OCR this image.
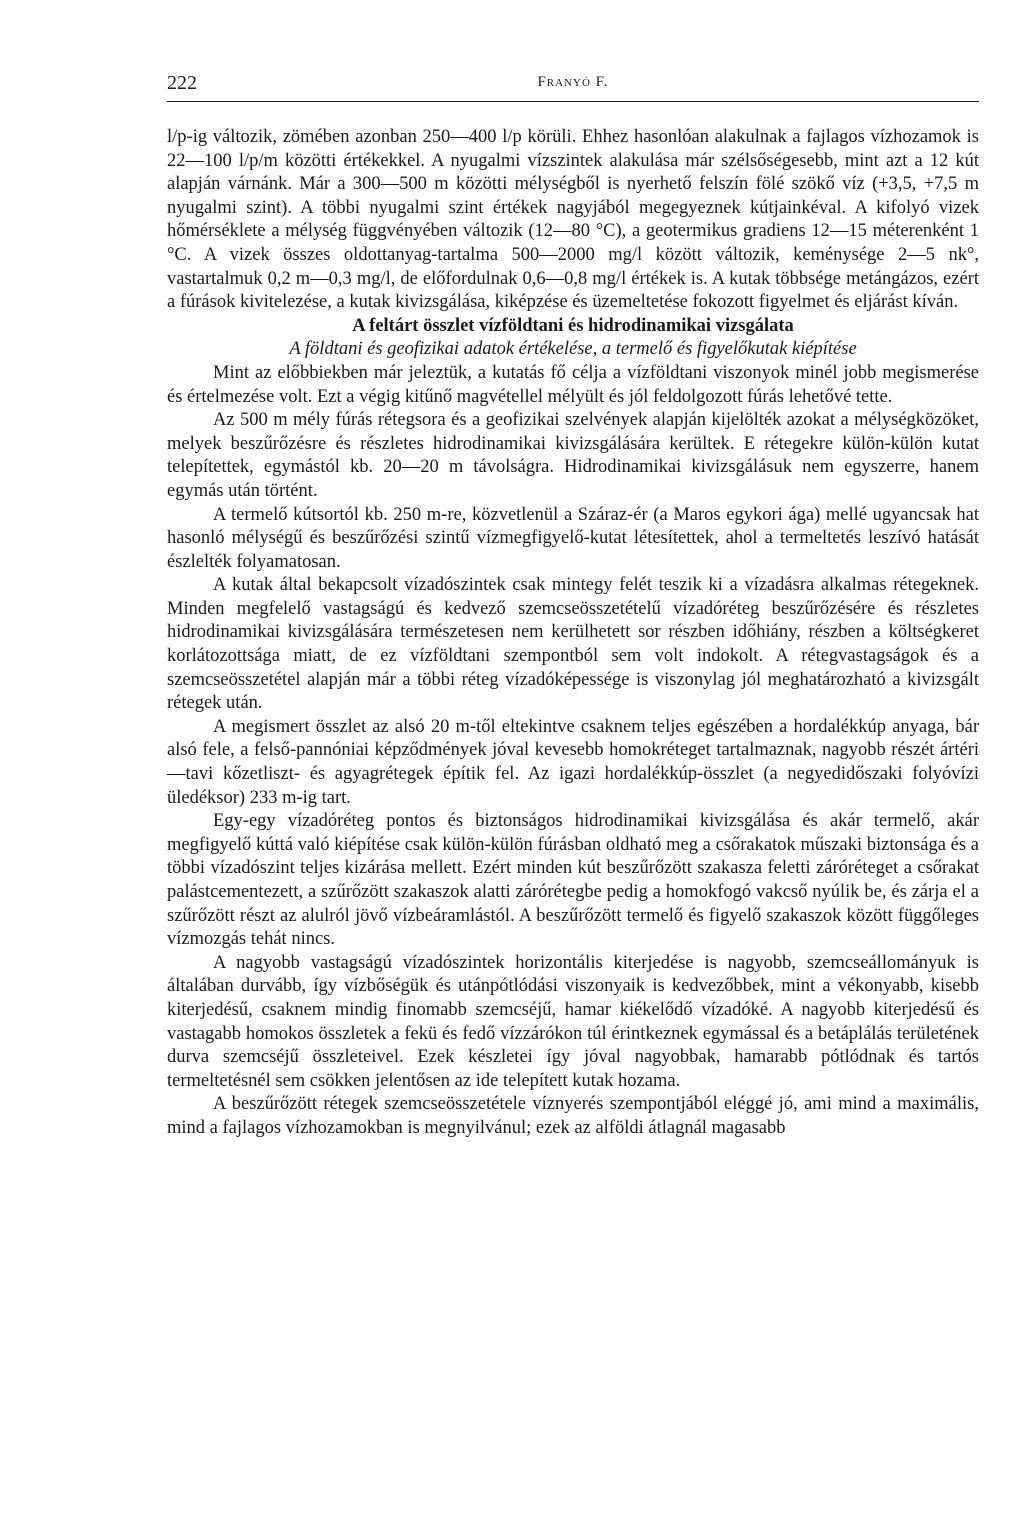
222	Franyó F.

l/p-ig változik, zömében azonban 250—400 l/p körüli. Ehhez hasonlóan alakulnak a fajlagos vízhozamok is 22—100 l/p/m közötti értékekkel. A nyugalmi vízszintek alakulása már szélsőségesebb, mint azt a 12 kút alapján várnánk. Már a 300—500 m közötti mélységből is nyerhető felszín fölé szökő víz (+3,5, +7,5 m nyugalmi szint). A többi nyugalmi szint értékek nagyjából megegyeznek kútjainkéval. A kifolyó vizek hőmérséklete a mélység függvényében változik (12—80 °C), a geotermikus gradiens 12—15 méterenként 1 °C. A vizek összes oldottanyag-tartalma 500—2000 mg/l között változik, keménysége 2—5 nk°, vastartalmuk 0,2 m—0,3 mg/l, de előfordulnak 0,6—0,8 mg/l értékek is. A kutak többsége metángázos, ezért a fúrások kivitelezése, a kutak kivizsgálása, kiképzése és üzemeltetése fokozott figyelmet és eljárást kíván.

A feltárt összlet vízföldtani és hidrodinamikai vizsgálata

A földtani és geofizikai adatok értékelése, a termelő és figyelőkutak kiépítése

Mint az előbbiekben már jeleztük, a kutatás fő célja a vízföldtani viszonyok minél jobb megismerése és értelmezése volt. Ezt a végig kitűnő magvétellel mélyült és jól feldolgozott fúrás lehetővé tette.

Az 500 m mély fúrás rétegsora és a geofizikai szelvények alapján kijelölték azokat a mélységközöket, melyek beszűrőzésre és részletes hidrodinamikai kivizsgálására kerültek. E rétegekre külön-külön kutat telepítettek, egymástól kb. 20—20 m távolságra. Hidrodinamikai kivizsgálásuk nem egyszerre, hanem egymás után történt.

A termelő kútsortól kb. 250 m-re, közvetlenül a Száraz-ér (a Maros egykori ága) mellé ugyancsak hat hasonló mélységű és beszűrőzési szintű vízmegfigyelő-kutat létesítettek, ahol a termeltetés leszívó hatását észlelték folyamatosan.

A kutak által bekapcsolt vízadószintek csak mintegy felét teszik ki a vízadásra alkalmas rétegeknek. Minden megfelelő vastagságú és kedvező szemcseösszetételű vízadóréteg beszűrőzésére és részletes hidrodinamikai kivizsgálására természetesen nem kerülhetett sor részben időhiány, részben a költségkeret korlátozottsága miatt, de ez vízföldtani szempontból sem volt indokolt. A rétegvastagságok és a szemcseösszetétel alapján már a többi réteg vízadóképessége is viszonylag jól meghatározható a kivizsgált rétegek után.

A megismert összlet az alsó 20 m-től eltekintve csaknem teljes egészében a hordalékkúp anyaga, bár alsó fele, a felső-pannóniai képződmények jóval kevesebb homokréteget tartalmaznak, nagyobb részét ártéri—tavi kőzetliszt- és agyagrétegek építik fel. Az igazi hordalékkúp-összlet (a negyedidőszaki folyóvízi üledéksor) 233 m-ig tart.

Egy-egy vízadóréteg pontos és biztonságos hidrodinamikai kivizsgálása és akár termelő, akár megfigyelő kúttá való kiépítése csak külön-külön fúrásban oldható meg a csőrakatok műszaki biztonsága és a többi vízadószint teljes kizárása mellett. Ezért minden kút beszűrőzött szakasza feletti záróréteget a csőrakat palástcementezett, a szűrőzött szakaszok alatti zárórétegbe pedig a homokfogó vakcső nyúlik be, és zárja el a szűrőzött részt az alulról jövő vízbeáramlástól. A beszűrőzött termelő és figyelő szakaszok között függőleges vízmozgás tehát nincs.

A nagyobb vastagságú vízadószintek horizontális kiterjedése is nagyobb, szemcseállományuk is általában durvább, így vízbőségük és utánpótlódási viszonyaik is kedvezőbbek, mint a vékonyabb, kisebb kiterjedésű, csaknem mindig finomabb szemcséjű, hamar kiékelődő vízadóké. A nagyobb kiterjedésű és vastagabb homokos összletek a fekü és fedő vízzárókon túl érintkeznek egymással és a betáplálás területének durva szemcséjű összleteivel. Ezek készletei így jóval nagyobbak, hamarabb pótlódnak és tartós termeltetésnél sem csökken jelentősen az ide telepített kutak hozama.

A beszűrőzött rétegek szemcseösszetétele víznyerés szempontjából eléggé jó, ami mind a maximális, mind a fajlagos vízhozamokban is megnyilvánul; ezek az alföldi átlagnál magasabb
